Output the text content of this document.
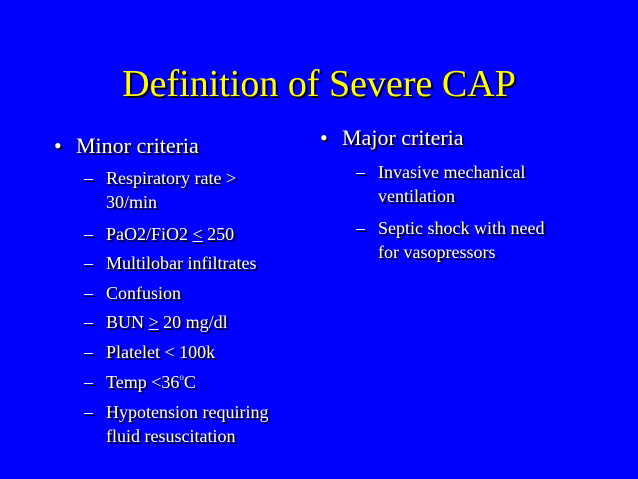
Definition of Severe CAP
• Minor criteria
– Respiratory rate >
30/min
– PaO2/FiO2 < 250
– Multilobar infiltrates
– Confusion
– BUN > 20 mg/dl
– Platelet < 100k
– Temp $<36^oC$
– Hypotension requiring
fluid resuscitation
• Major criteria
– Invasive mechanical
ventilation
– Septic shock with need
for vasopressors
